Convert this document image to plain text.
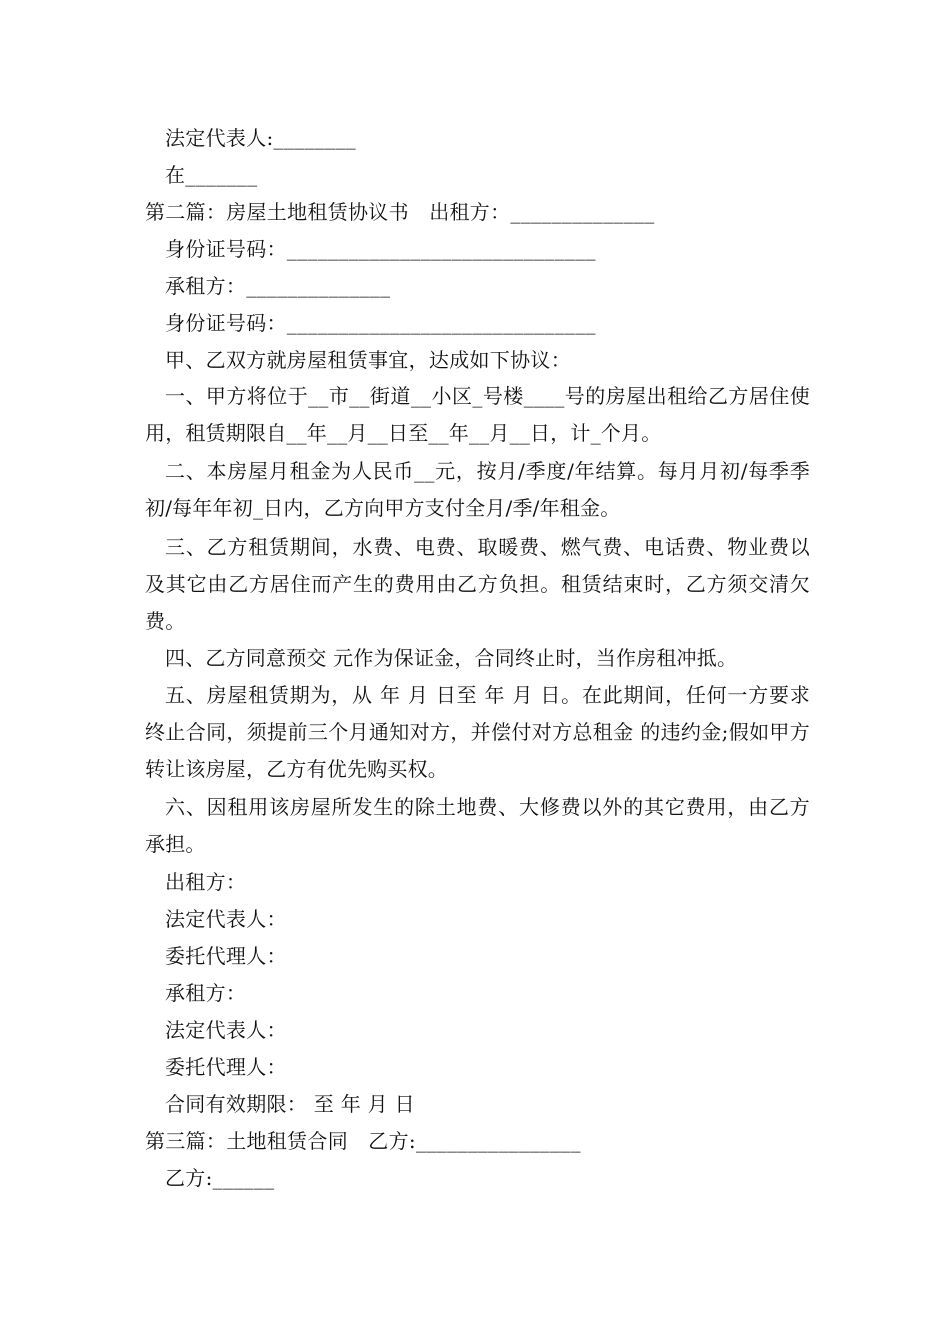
法定代表人:________
在_______
第二篇：房屋土地租赁协议书　出租方：______________
身份证号码：______________________________
承租方：______________
身份证号码：______________________________
甲、乙双方就房屋租赁事宜，达成如下协议：
一、甲方将位于__市__街道__小区_号楼____号的房屋出租给乙方居住使用，租赁期限自__年__月__日至__年__月__日，计_个月。
二、本房屋月租金为人民币__元，按月/季度/年结算。每月月初/每季季初/每年年初_日内，乙方向甲方支付全月/季/年租金。
三、乙方租赁期间，水费、电费、取暖费、燃气费、电话费、物业费以及其它由乙方居住而产生的费用由乙方负担。租赁结束时，乙方须交清欠费。
四、乙方同意预交 元作为保证金，合同终止时，当作房租冲抵。
五、房屋租赁期为，从 年 月 日至 年 月 日。在此期间，任何一方要求终止合同，须提前三个月通知对方，并偿付对方总租金 的违约金;假如甲方转让该房屋，乙方有优先购买权。
六、因租用该房屋所发生的除土地费、大修费以外的其它费用，由乙方承担。
出租方：
法定代表人：
委托代理人：
承租方：
法定代表人：
委托代理人：
合同有效期限： 至 年 月 日
第三篇：土地租赁合同　乙方:________________
乙方:______
